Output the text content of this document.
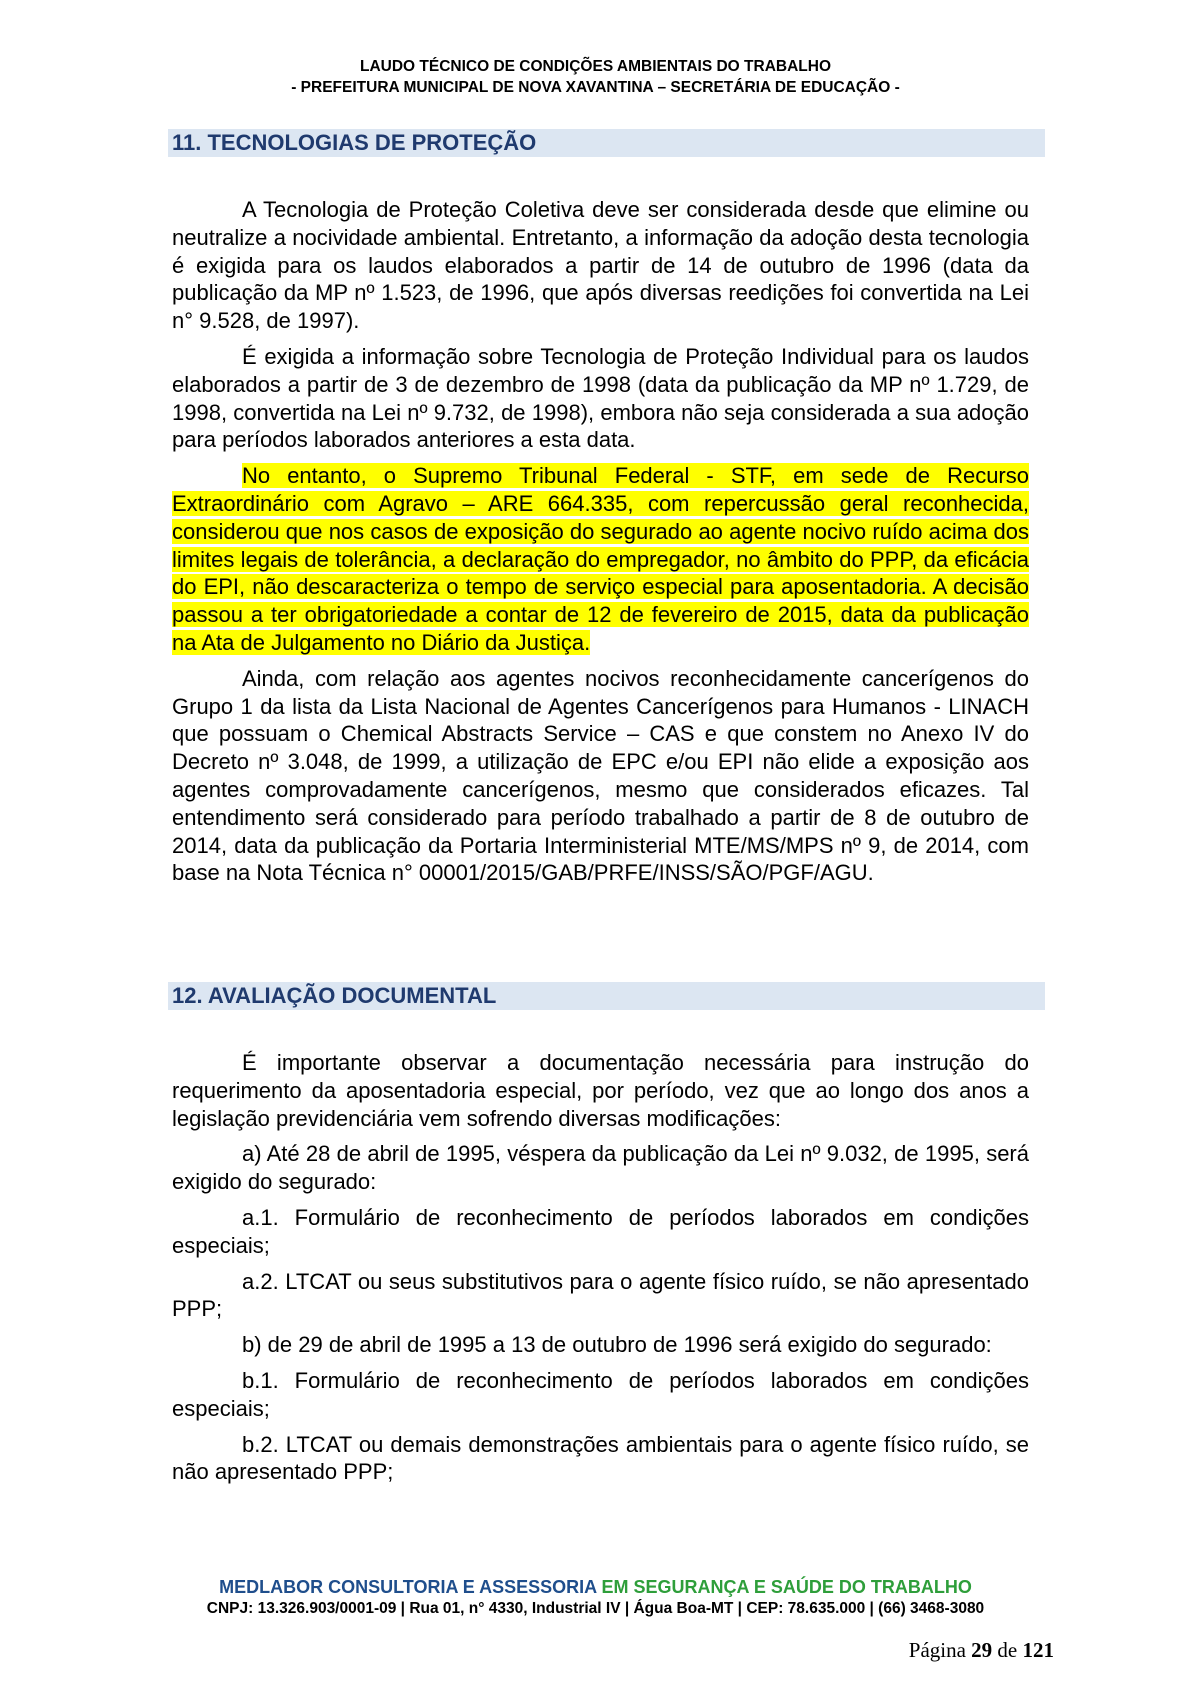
LAUDO TÉCNICO DE CONDIÇÕES AMBIENTAIS DO TRABALHO
- PREFEITURA MUNICIPAL DE NOVA XAVANTINA – SECRETÁRIA DE EDUCAÇÃO -
11. TECNOLOGIAS DE PROTEÇÃO

A Tecnologia de Proteção Coletiva deve ser considerada desde que elimine ou neutralize a nocividade ambiental. Entretanto, a informação da adoção desta tecnologia é exigida para os laudos elaborados a partir de 14 de outubro de 1996 (data da publicação da MP nº 1.523, de 1996, que após diversas reedições foi convertida na Lei n° 9.528, de 1997).

É exigida a informação sobre Tecnologia de Proteção Individual para os laudos elaborados a partir de 3 de dezembro de 1998 (data da publicação da MP nº 1.729, de 1998, convertida na Lei nº 9.732, de 1998), embora não seja considerada a sua adoção para períodos laborados anteriores a esta data.

No entanto, o Supremo Tribunal Federal - STF, em sede de Recurso Extraordinário com Agravo – ARE 664.335, com repercussão geral reconhecida, considerou que nos casos de exposição do segurado ao agente nocivo ruído acima dos limites legais de tolerância, a declaração do empregador, no âmbito do PPP, da eficácia do EPI, não descaracteriza o tempo de serviço especial para aposentadoria. A decisão passou a ter obrigatoriedade a contar de 12 de fevereiro de 2015, data da publicação na Ata de Julgamento no Diário da Justiça.

Ainda, com relação aos agentes nocivos reconhecidamente cancerígenos do Grupo 1 da lista da Lista Nacional de Agentes Cancerígenos para Humanos - LINACH que possuam o Chemical Abstracts Service – CAS e que constem no Anexo IV do Decreto nº 3.048, de 1999, a utilização de EPC e/ou EPI não elide a exposição aos agentes comprovadamente cancerígenos, mesmo que considerados eficazes. Tal entendimento será considerado para período trabalhado a partir de 8 de outubro de 2014, data da publicação da Portaria Interministerial MTE/MS/MPS nº 9, de 2014, com base na Nota Técnica n° 00001/2015/GAB/PRFE/INSS/SÃO/PGF/AGU.

12. AVALIAÇÃO DOCUMENTAL

É importante observar a documentação necessária para instrução do requerimento da aposentadoria especial, por período, vez que ao longo dos anos a legislação previdenciária vem sofrendo diversas modificações:

a) Até 28 de abril de 1995, véspera da publicação da Lei nº 9.032, de 1995, será exigido do segurado:

a.1. Formulário de reconhecimento de períodos laborados em condições especiais;

a.2. LTCAT ou seus substitutivos para o agente físico ruído, se não apresentado PPP;

b) de 29 de abril de 1995 a 13 de outubro de 1996 será exigido do segurado:

b.1. Formulário de reconhecimento de períodos laborados em condições especiais;

b.2. LTCAT ou demais demonstrações ambientais para o agente físico ruído, se não apresentado PPP;

MEDLABOR CONSULTORIA E ASSESSORIA EM SEGURANÇA E SAÚDE DO TRABALHO
CNPJ: 13.326.903/0001-09 | Rua 01, n° 4330, Industrial IV | Água Boa-MT | CEP: 78.635.000 | (66) 3468-3080
Página 29 de 121
